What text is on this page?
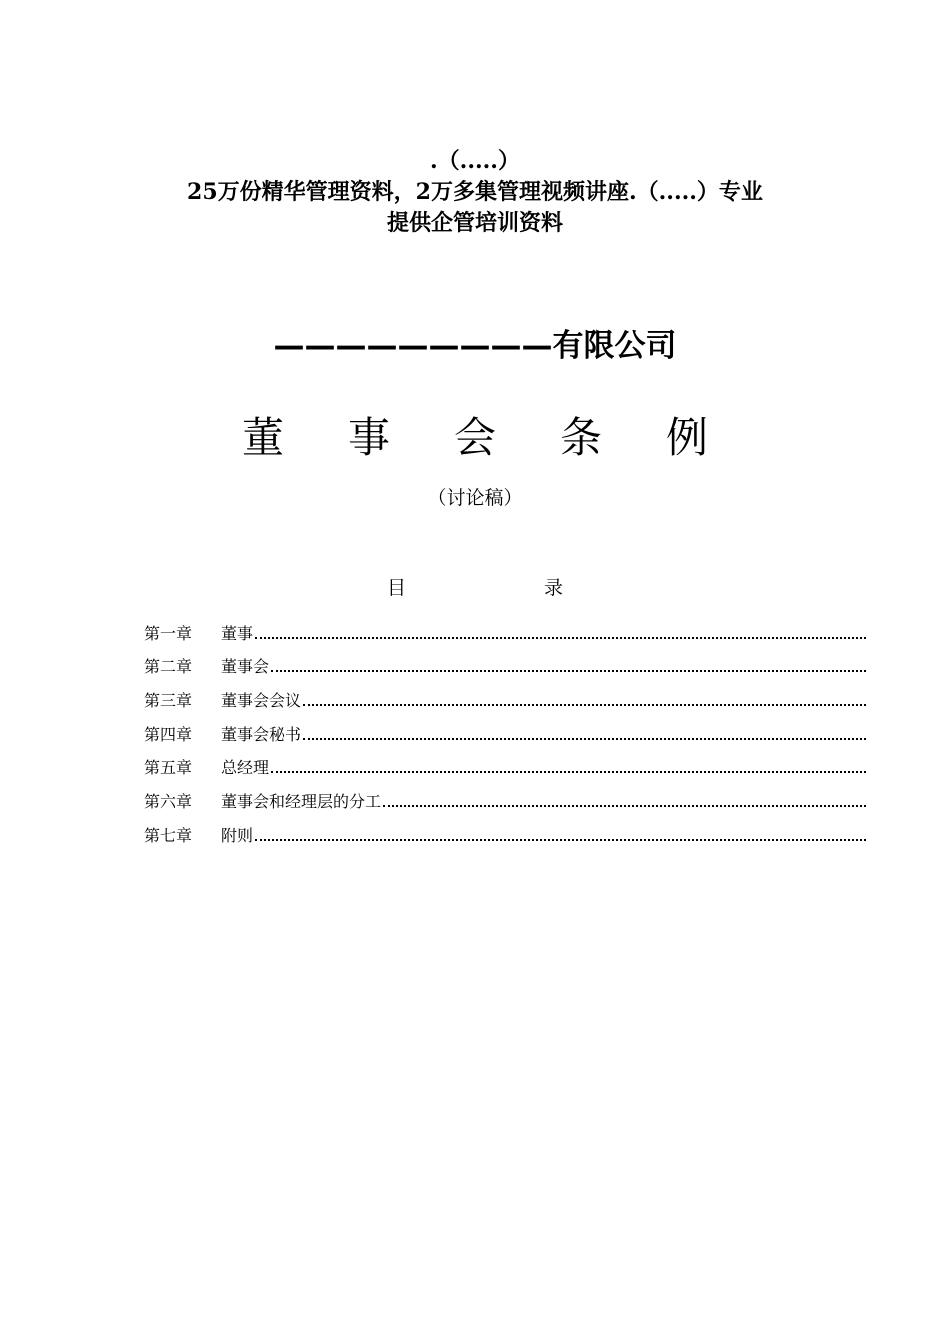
.（.....）
25万份精华管理资料，2万多集管理视频讲座.（.....）专业
提供企管培训资料
—————————有限公司
董事会条例
（讨论稿）
目录
第一章	董事
第二章	董事会
第三章	董事会会议
第四章	董事会秘书
第五章	总经理
第六章	董事会和经理层的分工
第七章	附则
